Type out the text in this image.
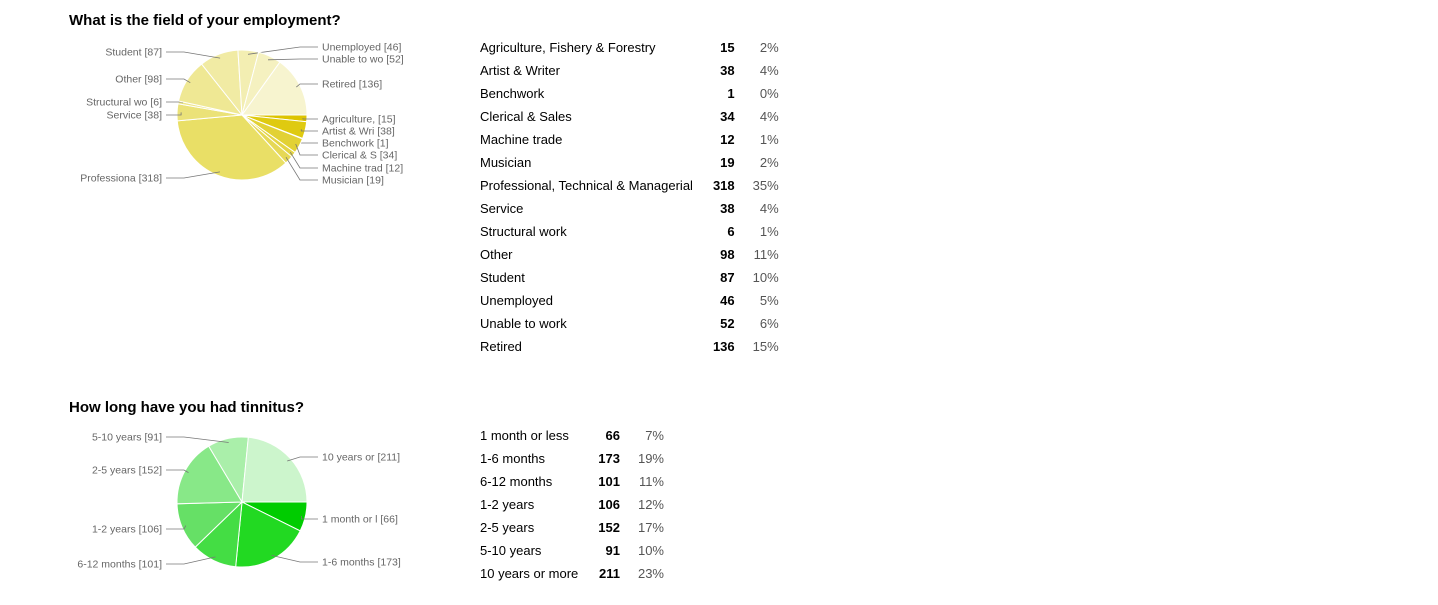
What is the field of your employment?
Agriculture, [15]
Artist & Wri [38]
Benchwork [1]
Clerical & S [34]
Machine trad [12]
Musician [19]
Professiona [318]
Service [38]
Structural wo [6]
Other [98]
Student [87]	Unemployed [46]
Unable to wo [52]
Retired [136]
Agriculture, Fishery & Forestry	15	2%
Artist & Writer	38	4%
Benchwork	1	0%
Clerical & Sales	34	4%
Machine trade	12	1%
Musician	19	2%
Professional, Technical & Managerial	318	35%
Service	38	4%
Structural work	6	1%
Other	98	11%
Student	87	10%
Unemployed	46	5%
Unable to work	52	6%
Retired	136	15%
How long have you had tinnitus?
1 month or l [66]
1-6 months [173]
6-12 months [101]
1-2 years [106]
2-5 years [152]
5-10 years [91]
10 years or [211]
1 month or less	66	7%
1-6 months	173	19%
6-12 months	101	11%
1-2 years	106	12%
2-5 years	152	17%
5-10 years	91	10%
10 years or more	211	23%
